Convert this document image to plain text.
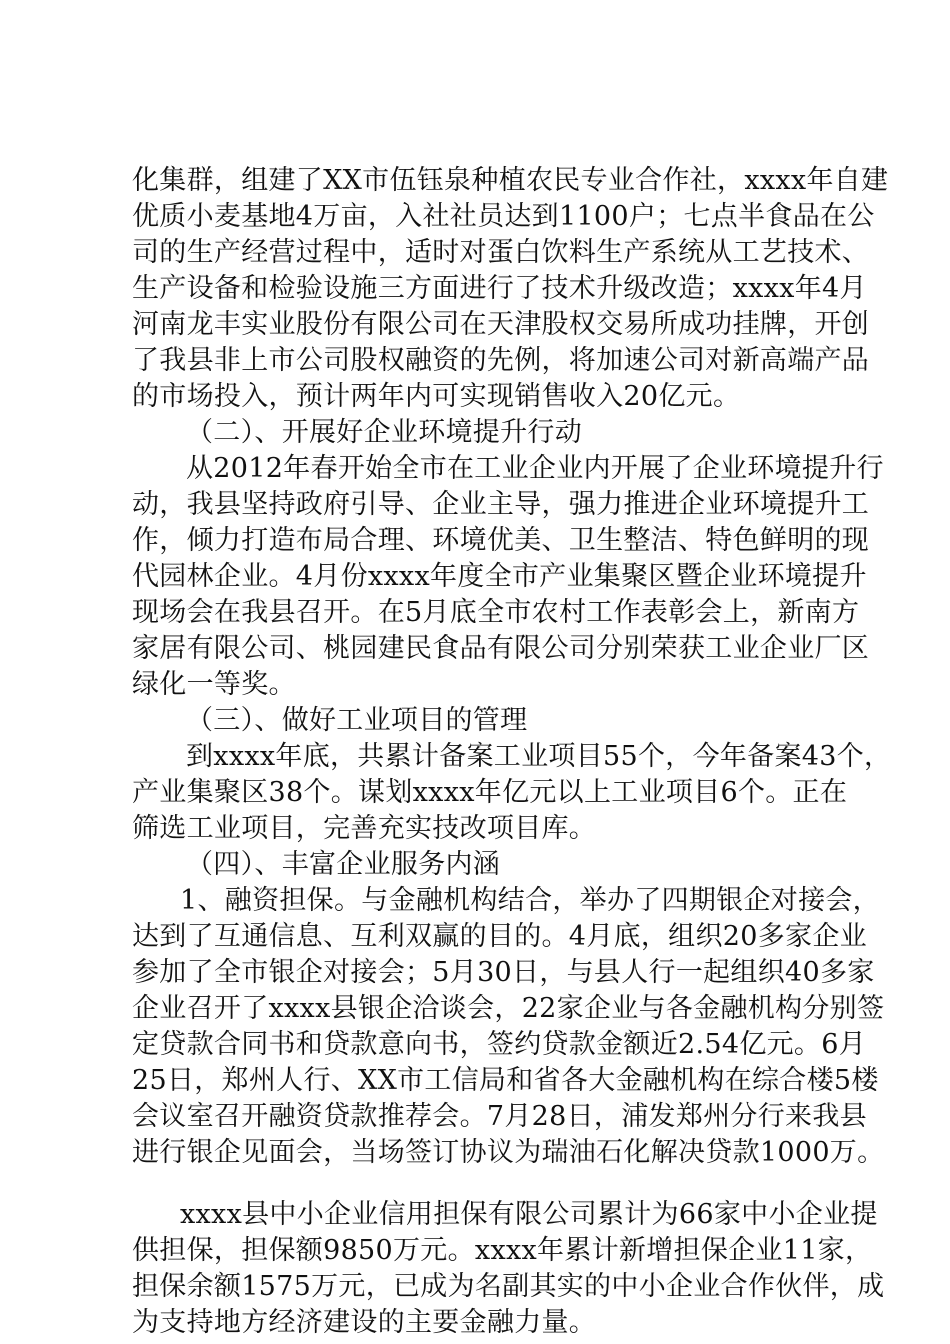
化集群，组建了XX市伍钰泉种植农民专业合作社，xxxx年自建
优质小麦基地4万亩，入社社员达到1100户；七点半食品在公
司的生产经营过程中，适时对蛋白饮料生产系统从工艺技术、
生产设备和检验设施三方面进行了技术升级改造；xxxx年4月
河南龙丰实业股份有限公司在天津股权交易所成功挂牌，开创
了我县非上市公司股权融资的先例，将加速公司对新高端产品
的市场投入，预计两年内可实现销售收入20亿元。
（二）、开展好企业环境提升行动
从2012年春开始全市在工业企业内开展了企业环境提升行
动，我县坚持政府引导、企业主导，强力推进企业环境提升工
作，倾力打造布局合理、环境优美、卫生整洁、特色鲜明的现
代园林企业。4月份xxxx年度全市产业集聚区暨企业环境提升
现场会在我县召开。在5月底全市农村工作表彰会上，新南方
家居有限公司、桃园建民食品有限公司分别荣获工业企业厂区
绿化一等奖。
（三）、做好工业项目的管理
到xxxx年底，共累计备案工业项目55个，今年备案43个，
产业集聚区38个。谋划xxxx年亿元以上工业项目6个。正在
筛选工业项目，完善充实技改项目库。
（四）、丰富企业服务内涵
1、融资担保。与金融机构结合，举办了四期银企对接会，
达到了互通信息、互利双赢的目的。4月底，组织20多家企业
参加了全市银企对接会；5月30日，与县人行一起组织40多家
企业召开了xxxx县银企洽谈会，22家企业与各金融机构分别签
定贷款合同书和贷款意向书，签约贷款金额近2.54亿元。6月
25日，郑州人行、XX市工信局和省各大金融机构在综合楼5楼
会议室召开融资贷款推荐会。7月28日，浦发郑州分行来我县
进行银企见面会，当场签订协议为瑞油石化解决贷款1000万。
xxxx县中小企业信用担保有限公司累计为66家中小企业提
供担保，担保额9850万元。xxxx年累计新增担保企业11家，
担保余额1575万元，已成为名副其实的中小企业合作伙伴，成
为支持地方经济建设的主要金融力量。
